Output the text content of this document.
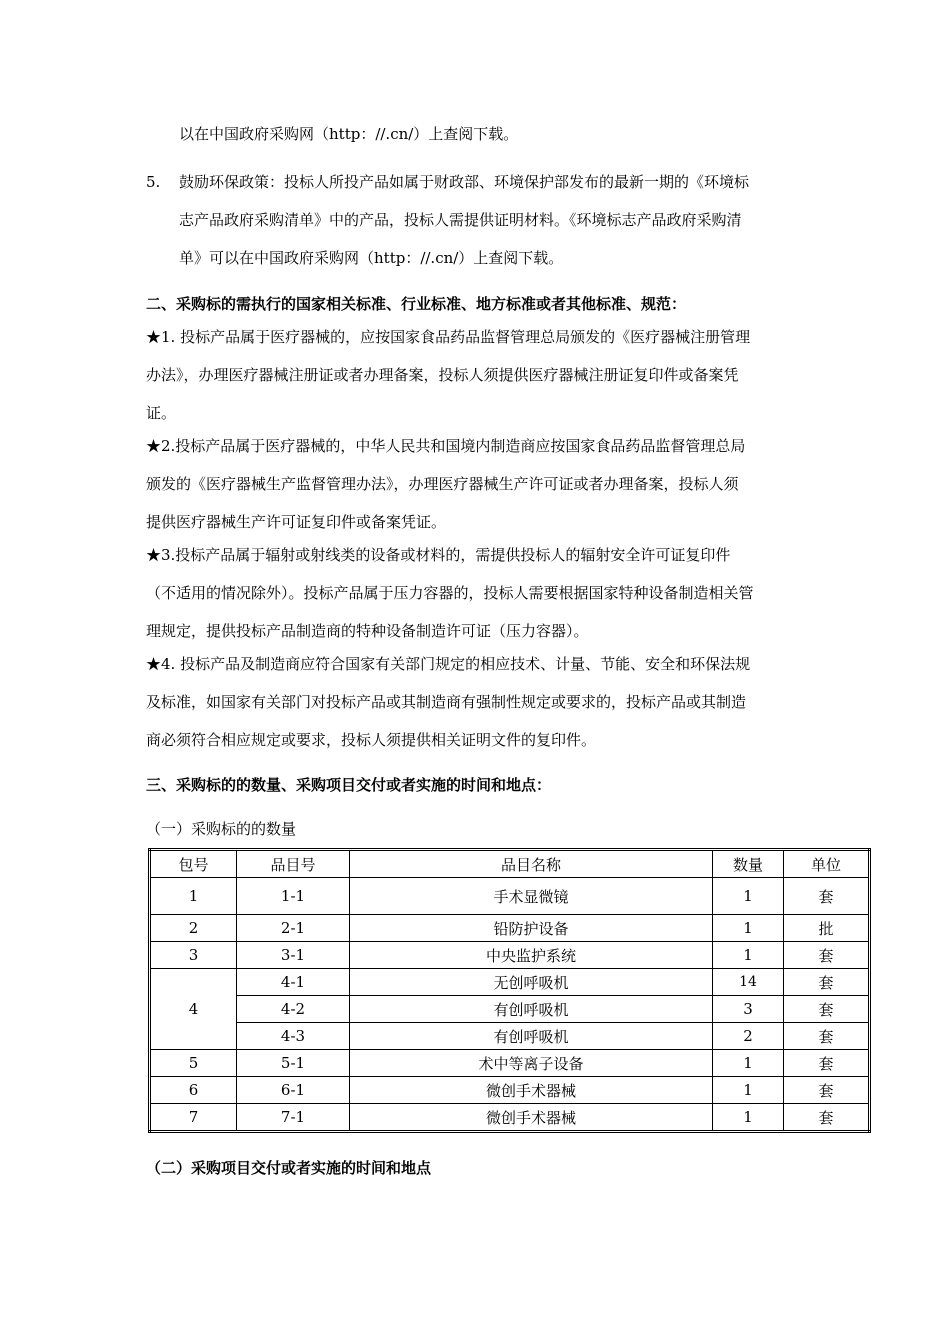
以在中国政府采购网（http：//.cn/）上查阅下载。
5. 鼓励环保政策：投标人所投产品如属于财政部、环境保护部发布的最新一期的《环境标
志产品政府采购清单》中的产品，投标人需提供证明材料。《环境标志产品政府采购清
单》可以在中国政府采购网（http：//.cn/）上查阅下载。
二、采购标的需执行的国家相关标准、行业标准、地方标准或者其他标准、规范：
★1. 投标产品属于医疗器械的，应按国家食品药品监督管理总局颁发的《医疗器械注册管理
办法》，办理医疗器械注册证或者办理备案，投标人须提供医疗器械注册证复印件或备案凭
证。
★2.投标产品属于医疗器械的，中华人民共和国境内制造商应按国家食品药品监督管理总局
颁发的《医疗器械生产监督管理办法》，办理医疗器械生产许可证或者办理备案，投标人须
提供医疗器械生产许可证复印件或备案凭证。
★3.投标产品属于辐射或射线类的设备或材料的，需提供投标人的辐射安全许可证复印件
（不适用的情况除外）。投标产品属于压力容器的，投标人需要根据国家特种设备制造相关管
理规定，提供投标产品制造商的特种设备制造许可证（压力容器）。
★4. 投标产品及制造商应符合国家有关部门规定的相应技术、计量、节能、安全和环保法规
及标准，如国家有关部门对投标产品或其制造商有强制性规定或要求的，投标产品或其制造
商必须符合相应规定或要求，投标人须提供相关证明文件的复印件。
三、采购标的的数量、采购项目交付或者实施的时间和地点：
（一）采购标的的数量
包号	品目号	品目名称	数量	单位
1	1-1	手术显微镜	1	套
2	2-1	铅防护设备	1	批
3	3-1	中央监护系统	1	套
4	4-1	无创呼吸机	14	套
	4-2	有创呼吸机	3	套
	4-3	有创呼吸机	2	套
5	5-1	术中等离子设备	1	套
6	6-1	微创手术器械	1	套
7	7-1	微创手术器械	1	套
（二）采购项目交付或者实施的时间和地点
